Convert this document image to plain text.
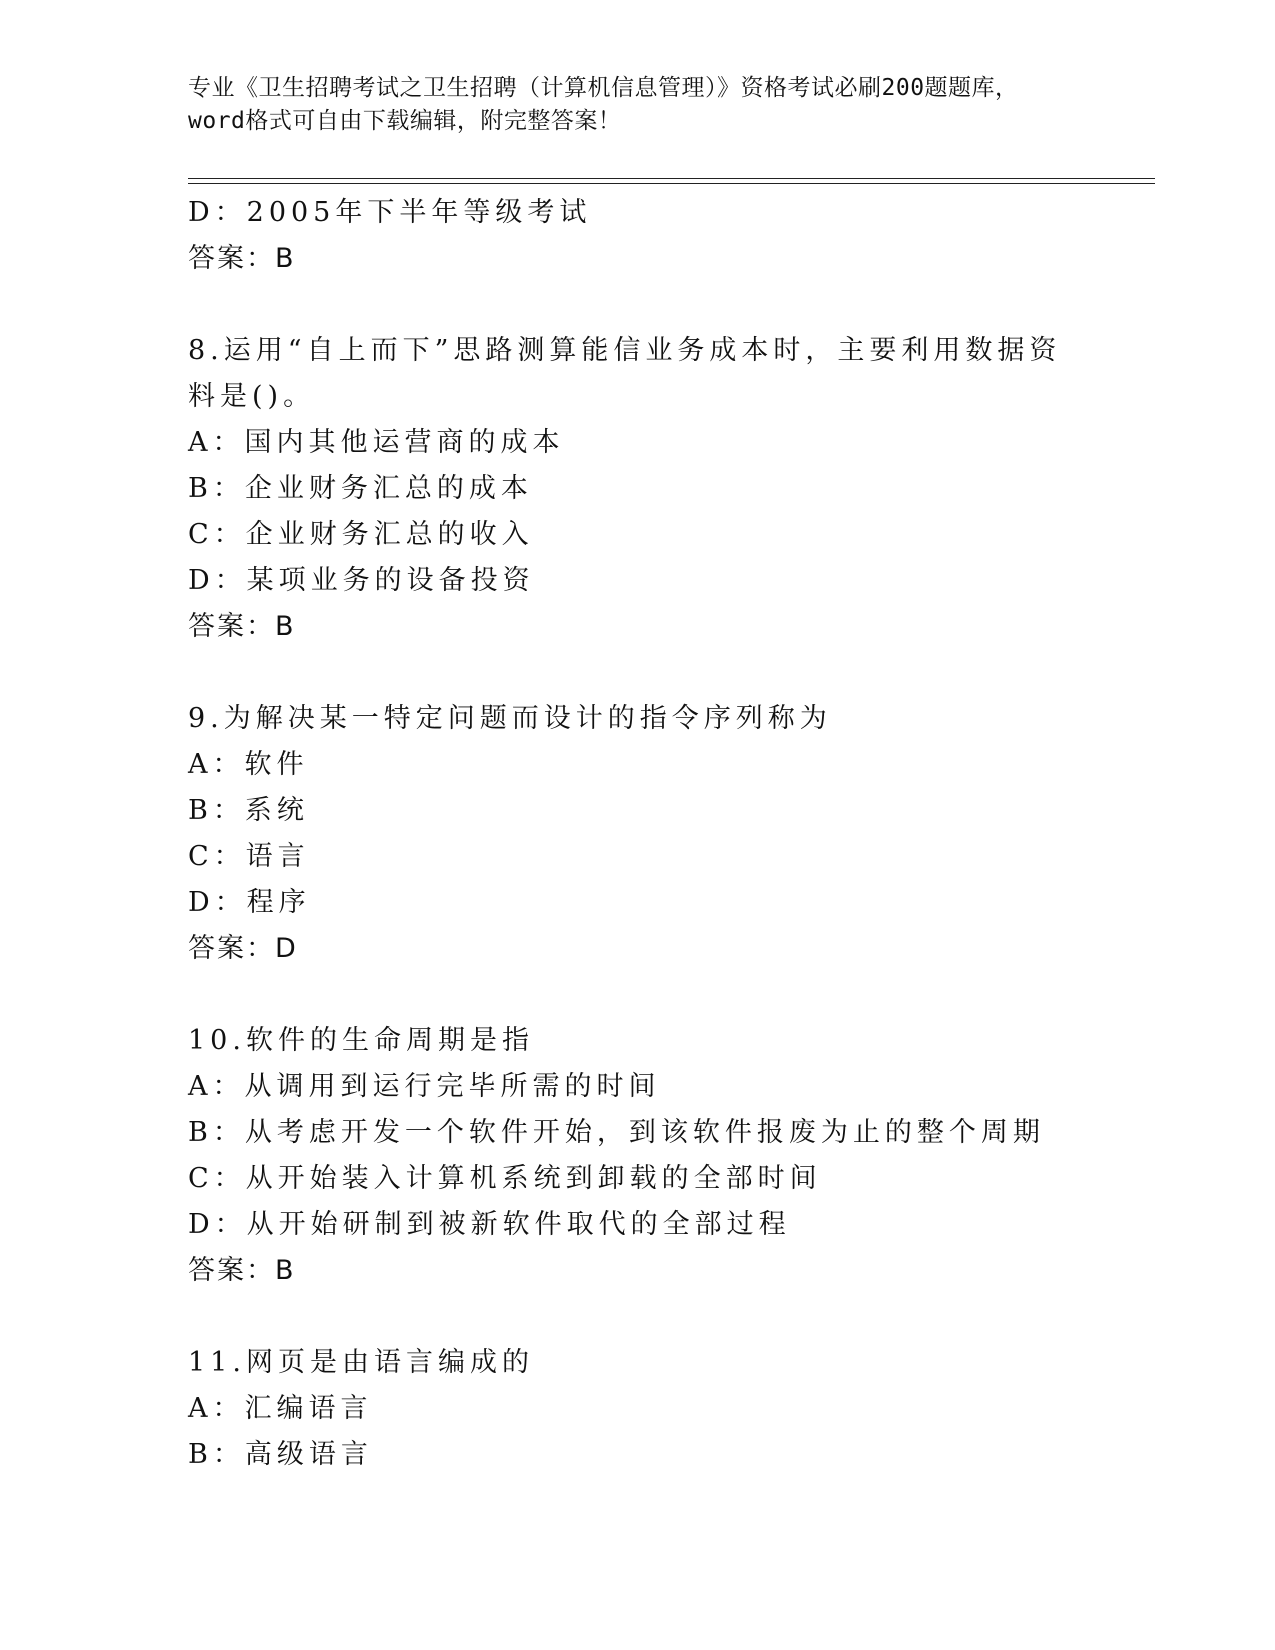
专业《卫生招聘考试之卫生招聘（计算机信息管理）》资格考试必刷200题题库，
word格式可自由下载编辑，附完整答案！
D：2005年下半年等级考试
答案：B
8.运用“自上而下”思路测算能信业务成本时，主要利用数据资料是()。
A：国内其他运营商的成本
B：企业财务汇总的成本
C：企业财务汇总的收入
D：某项业务的设备投资
答案：B
9.为解决某一特定问题而设计的指令序列称为
A：软件
B：系统
C：语言
D：程序
答案：D
10.软件的生命周期是指
A：从调用到运行完毕所需的时间
B：从考虑开发一个软件开始，到该软件报废为止的整个周期
C：从开始装入计算机系统到卸载的全部时间
D：从开始研制到被新软件取代的全部过程
答案：B
11.网页是由语言编成的
A：汇编语言
B：高级语言
